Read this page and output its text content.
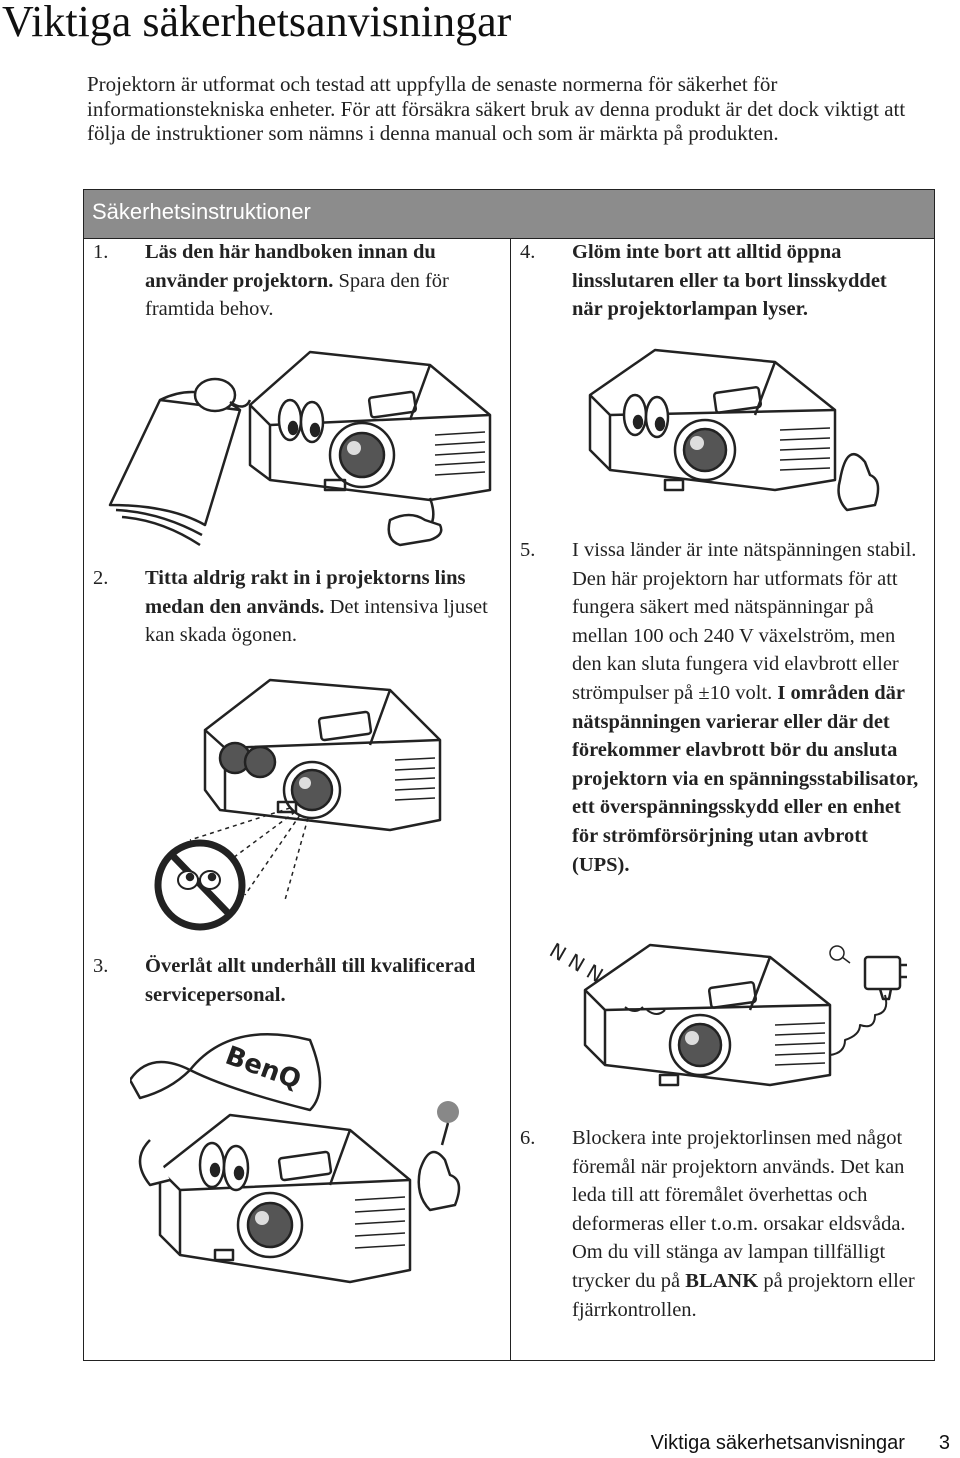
Viktiga säkerhetsanvisningar

Projektorn är utformat och testad att uppfylla de senaste normerna för säkerhet för informationstekniska enheter. För att försäkra säkert bruk av denna produkt är det dock viktigt att följa de instruktioner som nämns i denna manual och som är märkta på produkten.

Säkerhetsinstruktioner
1. Läs den här handboken innan du använder projektorn. Spara den för framtida behov.
2. Titta aldrig rakt in i projektorns lins medan den används. Det intensiva ljuset kan skada ögonen.
3. Överlåt allt underhåll till kvalificerad servicepersonal.
4. Glöm inte bort att alltid öppna linsslutaren eller ta bort linsskyddet när projektorlampan lyser.
5. I vissa länder är inte nätspänningen stabil. Den här projektorn har utformats för att fungera säkert med nätspänningar på mellan 100 och 240 V växelström, men den kan sluta fungera vid elavbrott eller strömpulser på ±10 volt. I områden där nätspänningen varierar eller där det förekommer elavbrott bör du ansluta projektorn via en spänningsstabilisator, ett överspänningsskydd eller en enhet för strömförsörjning utan avbrott (UPS).
6. Blockera inte projektorlinsen med något föremål när projektorn används. Det kan leda till att föremålet överhettas och deformeras eller t.o.m. orsakar eldsvåda. Om du vill stänga av lampan tillfälligt trycker du på BLANK på projektorn eller fjärrkontrollen.
BenQ
N N N
Viktiga säkerhetsanvisningar 3
